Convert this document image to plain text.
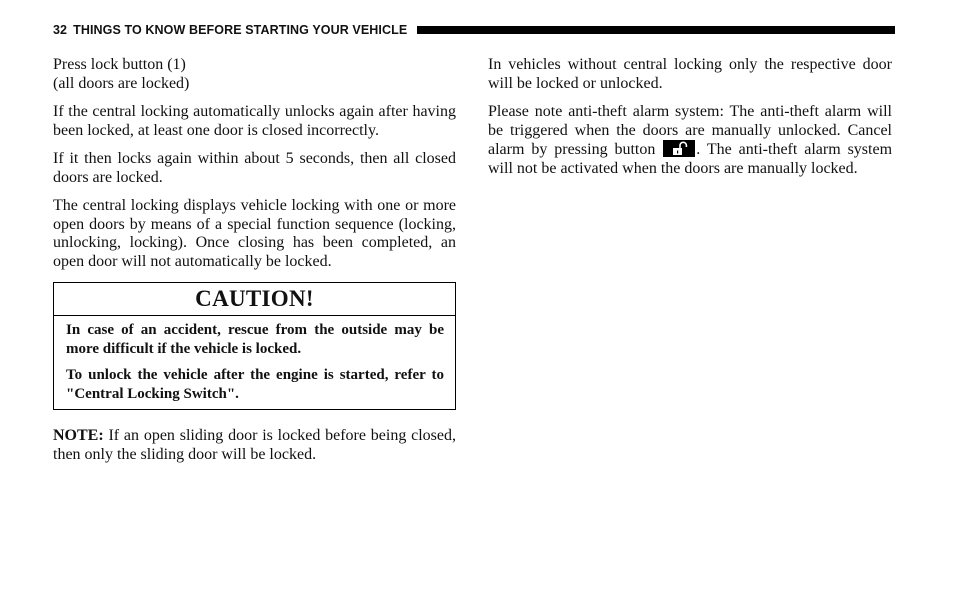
32 THINGS TO KNOW BEFORE STARTING YOUR VEHICLE

Press lock button (1)
(all doors are locked)

If the central locking automatically unlocks again after having been locked, at least one door is closed incorrectly.

If it then locks again within about 5 seconds, then all closed doors are locked.

The central locking displays vehicle locking with one or more open doors by means of a special function sequence (locking, unlocking, locking). Once closing has been completed, an open door will not automatically be locked.

CAUTION!

In case of an accident, rescue from the outside may be more difficult if the vehicle is locked.

To unlock the vehicle after the engine is started, refer to "Central Locking Switch".

NOTE: If an open sliding door is locked before being closed, then only the sliding door will be locked.

In vehicles without central locking only the respective door will be locked or unlocked.

Please note anti-theft alarm system: The anti-theft alarm will be triggered when the doors are manually unlocked. Cancel alarm by pressing button
. The anti-theft alarm system will not be activated when the doors are manually locked.
